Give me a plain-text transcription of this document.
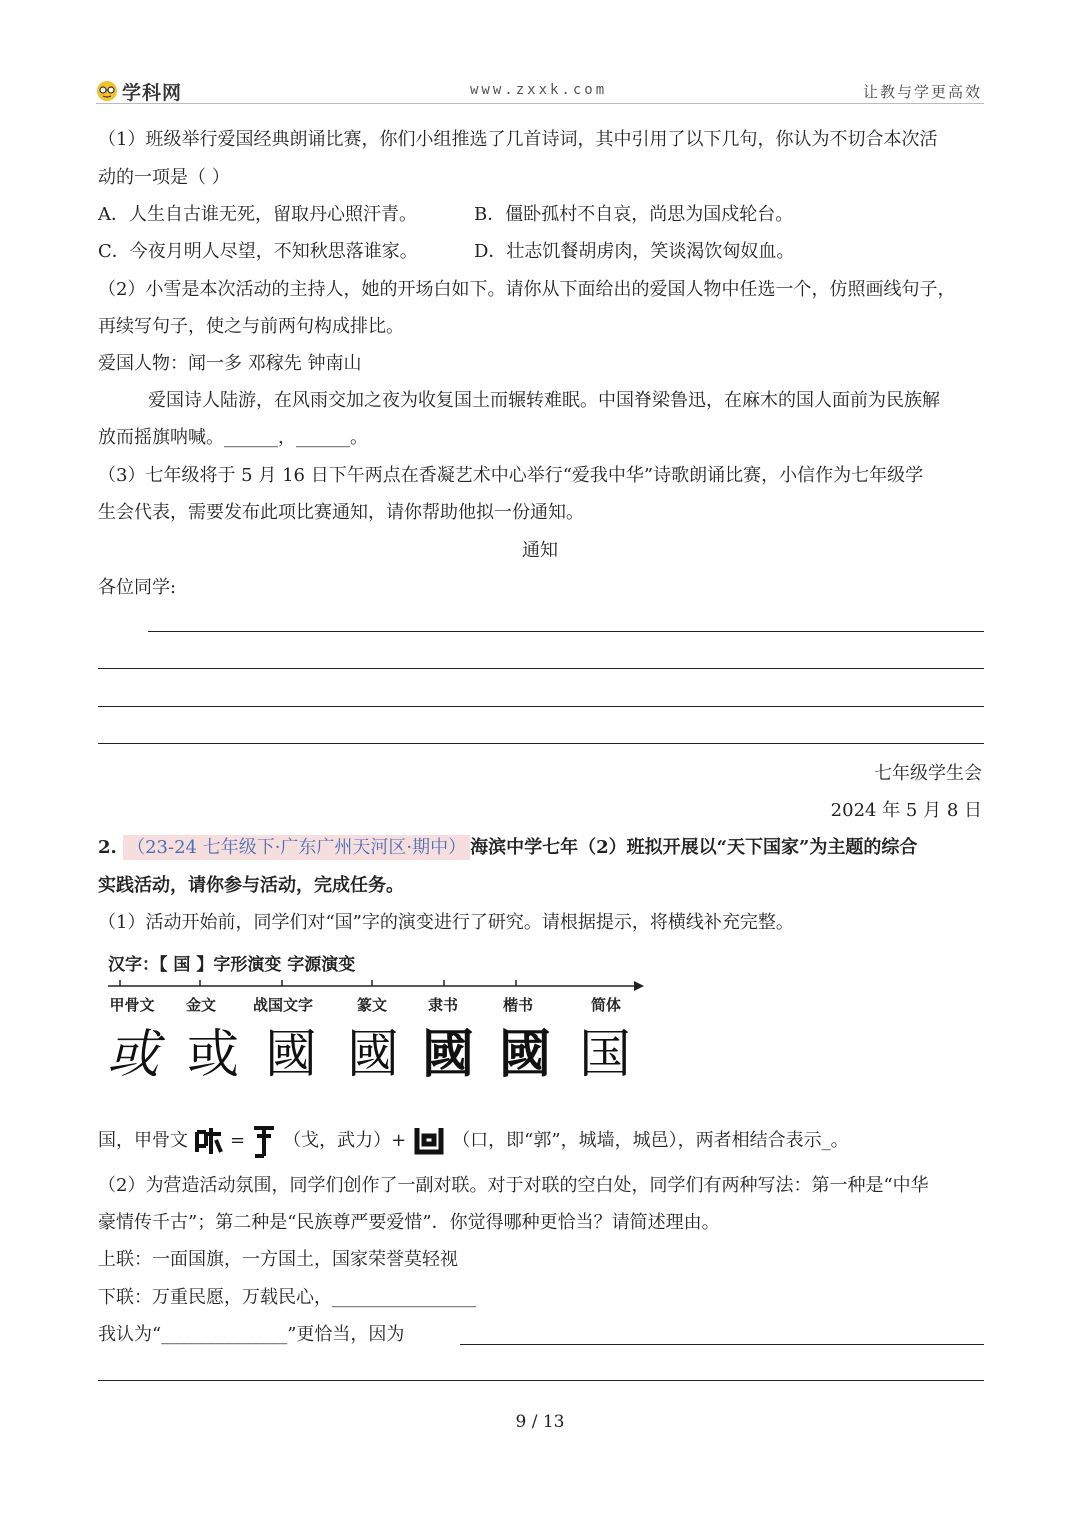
学科网	www.zxxk.com	让教与学更高效
（1）班级举行爱国经典朗诵比赛，你们小组推选了几首诗词，其中引用了以下几句，你认为不切合本次活
动的一项是（ ）
A．人生自古谁无死，留取丹心照汗青。	B．僵卧孤村不自哀，尚思为国戍轮台。
C．今夜月明人尽望，不知秋思落谁家。	D．壮志饥餐胡虏肉，笑谈渴饮匈奴血。
（2）小雪是本次活动的主持人，她的开场白如下。请你从下面给出的爱国人物中任选一个，仿照画线句子，
再续写句子，使之与前两句构成排比。
爱国人物：闻一多 邓稼先 钟南山
爱国诗人陆游，在风雨交加之夜为收复国土而辗转难眠。中国脊梁鲁迅，在麻木的国人面前为民族解
放而摇旗呐喊。______，______。
（3）七年级将于 5 月 16 日下午两点在香凝艺术中心举行“爱我中华”诗歌朗诵比赛，小信作为七年级学
生会代表，需要发布此项比赛通知，请你帮助他拟一份通知。
通知
各位同学:
七年级学生会
2024 年 5 月 8 日
2. （23-24 七年级下·广东广州天河区·期中） 海滨中学七年（2）班拟开展以“天下国家”为主题的综合
实践活动，请你参与活动，完成任务。
（1）活动开始前，同学们对“国”字的演变进行了研究。请根据提示，将横线补充完整。
汉字：【 国 】字形演变 字源演变
甲骨文	金文	战国文字	篆文	隶书	楷书	简体
或 或 國 國 國 國 国
国，甲骨文 = （戈，武力）+	（口，即“郭”，城墙，城邑），两者相结合表示_。
（2）为营造活动氛围，同学们创作了一副对联。对于对联的空白处，同学们有两种写法：第一种是“中华
豪情传千古”；第二种是“民族尊严要爱惜”．你觉得哪种更恰当？请简述理由。
上联：一面国旗，一方国土，国家荣誉莫轻视
下联：万重民愿，万载民心，________________
我认为“______________”更恰当，因为
9 / 13
